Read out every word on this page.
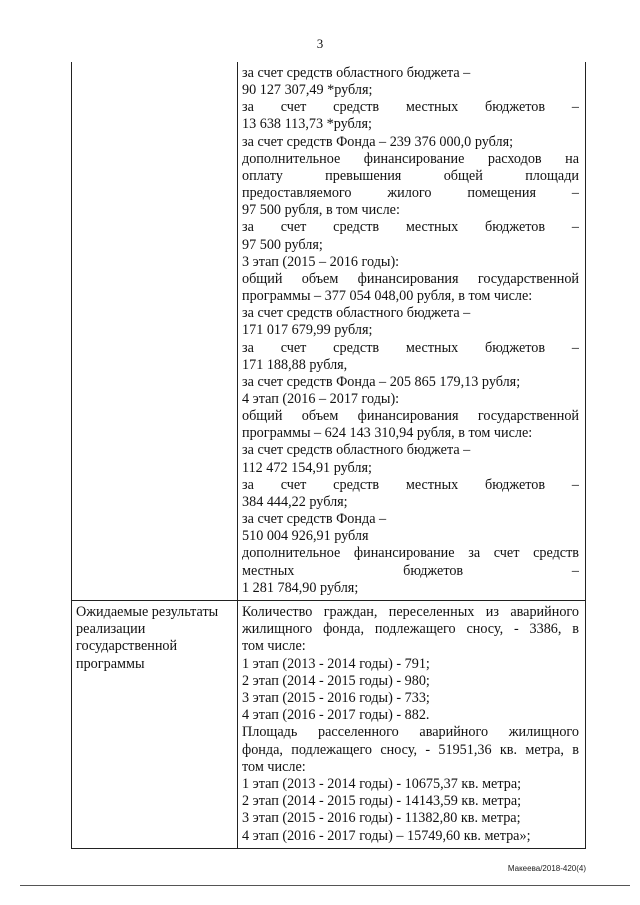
3
за счет средств областного бюджета –
90 127 307,49 *рубля;
за счет средств местных бюджетов –
13 638 113,73 *рубля;
за счет средств Фонда – 239 376 000,0 рубля;
дополнительное финансирование расходов на
оплату превышения общей площади
предоставляемого жилого помещения –
97 500 рубля, в том числе:
за счет средств местных бюджетов –
97 500 рубля;
3 этап (2015 – 2016 годы):
общий объем финансирования государственной
программы – 377 054 048,00 рубля, в том числе:
за счет средств областного бюджета –
171 017 679,99 рубля;
за счет средств местных бюджетов –
171 188,88 рубля,
за счет средств Фонда – 205 865 179,13 рубля;
4 этап (2016 – 2017 годы):
общий объем финансирования государственной
программы – 624 143 310,94 рубля, в том числе:
за счет средств областного бюджета –
112 472 154,91 рубля;
за счет средств местных бюджетов –
384 444,22 рубля;
за счет средств Фонда –
510 004 926,91 рубля
дополнительное финансирование за счет средств
местных бюджетов –
1 281 784,90 рубля;
Ожидаемые результаты
реализации
государственной
программы
Количество граждан, переселенных из аварийного
жилищного фонда, подлежащего сносу, - 3386, в
том числе:
1 этап (2013 - 2014 годы) - 791;
2 этап (2014 - 2015 годы) - 980;
3 этап (2015 - 2016 годы) - 733;
4 этап (2016 - 2017 годы) - 882.
Площадь расселенного аварийного жилищного
фонда, подлежащего сносу, - 51951,36 кв. метра, в
том числе:
1 этап (2013 - 2014 годы) - 10675,37 кв. метра;
2 этап (2014 - 2015 годы) - 14143,59 кв. метра;
3 этап (2015 - 2016 годы) - 11382,80 кв. метра;
4 этап (2016 - 2017 годы) – 15749,60 кв. метра»;
Макеева/2018-420(4)
